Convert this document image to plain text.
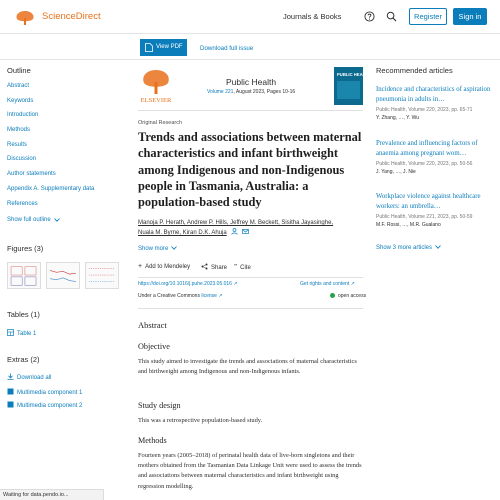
ScienceDirect	Journals & Books	Register	Sign in
View PDF	Download full issue
Outline
Abstract
Keywords
Introduction
Methods
Results
Discussion
Author statements
Appendix A. Supplementary data
References
Show full outline
Figures (3)
Tables (1)
Table 1
Extras (2)
Download all
Multimedia component 1
Multimedia component 2
ELSEVIER
Public Health
Volume 221, August 2023, Pages 10-16
PUBLIC HEALTH
Original Research
Trends and associations between maternal characteristics and infant birthweight among Indigenous and non-Indigenous people in Tasmania, Australia: a population-based study
Manoja P. Herath, Andrew P. Hills, Jeffrey M. Beckett, Sisitha Jayasinghe,
Nuala M. Byrne, Kiran D.K. Ahuja
Show more
+ Add to Mendeley	Share ” Cite
https://doi.org/10.1016/j.puhe.2023.05.016 ↗	Get rights and content ↗
Under a Creative Commons license ↗	open access
Abstract
Objective

This study aimed to investigate the trends and associations of maternal characteristics and birthweight among Indigenous and non-Indigenous infants.

Study design

This was a retrospective population-based study.

Methods

Fourteen years (2005–2018) of perinatal health data of live-born singletons and their mothers obtained from the Tasmanian Data Linkage Unit were used to assess the trends and associations between maternal characteristics and infant birthweight using regression modelling.

Recommended articles
Incidence and characteristics of aspiration pneumonia in adults in…
Public Health, Volume 220, 2023, pp. 65-71
Y. Zhang, …, Y. Wu
Prevalence and influencing factors of anaemia among pregnant wom…
Public Health, Volume 220, 2023, pp. 50-56
J. Yang, …, J. Nie
Workplace violence against healthcare workers: an umbrella…
Public Health, Volume 221, 2023, pp. 50-59
M.F. Rossi, …, M.R. Gualano
Show 3 more articles
Waiting for data.pendo.io...
